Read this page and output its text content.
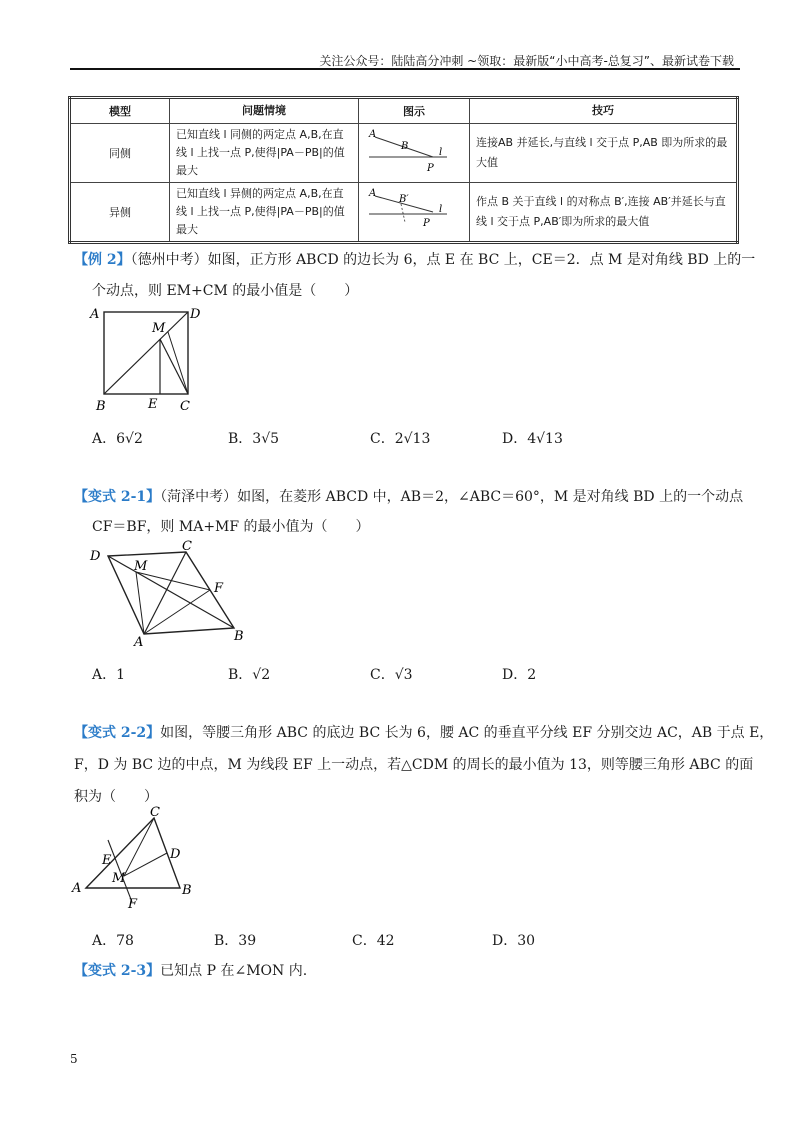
关注公众号：陆陆高分冲刺 ~领取：最新版“小中高考-总复习”、最新试卷下载
模型	问题情境	图示	技巧
同侧	已知直线 l 同侧的两定点 A,B,在直线 l 上找一点 P,使得|PA－PB|的值最大	A
B
P
l	连接AB 并延长,与直线 l 交于点 P,AB 即为所求的最大值
异侧	已知直线 l 异侧的两定点 A,B,在直线 l 上找一点 P,使得|PA－PB|的值最大	A
B′
P
l	作点 B 关于直线 l 的对称点 B′,连接 AB′并延长与直线 l 交于点 P,AB′即为所求的最大值
【例 2】（德州中考）如图，正方形 ABCD 的边长为 6，点 E 在 BC 上，CE＝2．点 M 是对角线 BD 上的一
个动点，则 EM+CM 的最小值是（　　）
A	D
M
B	E C
A．6√2	B．3√5	C．2√13	D．4√13
【变式 2-1】（菏泽中考）如图，在菱形 ABCD 中，AB＝2，∠ABC＝60°，M 是对角线 BD 上的一个动点
CF＝BF，则 MA+MF 的最小值为（　　）
D
C
M
F
A	B
A．1	B．√2	C．√3	D．2
【变式 2-2】如图，等腰三角形 ABC 的底边 BC 长为 6，腰 AC 的垂直平分线 EF 分别交边 AC，AB 于点 E，
F，D 为 BC 边的中点，M 为线段 EF 上一动点，若△CDM 的周长的最小值为 13，则等腰三角形 ABC 的面
积为（　　）
C
E	D
M
A
F
B
A．78	B．39	C．42	D．30
【变式 2-3】已知点 P 在∠MON 内.
5
